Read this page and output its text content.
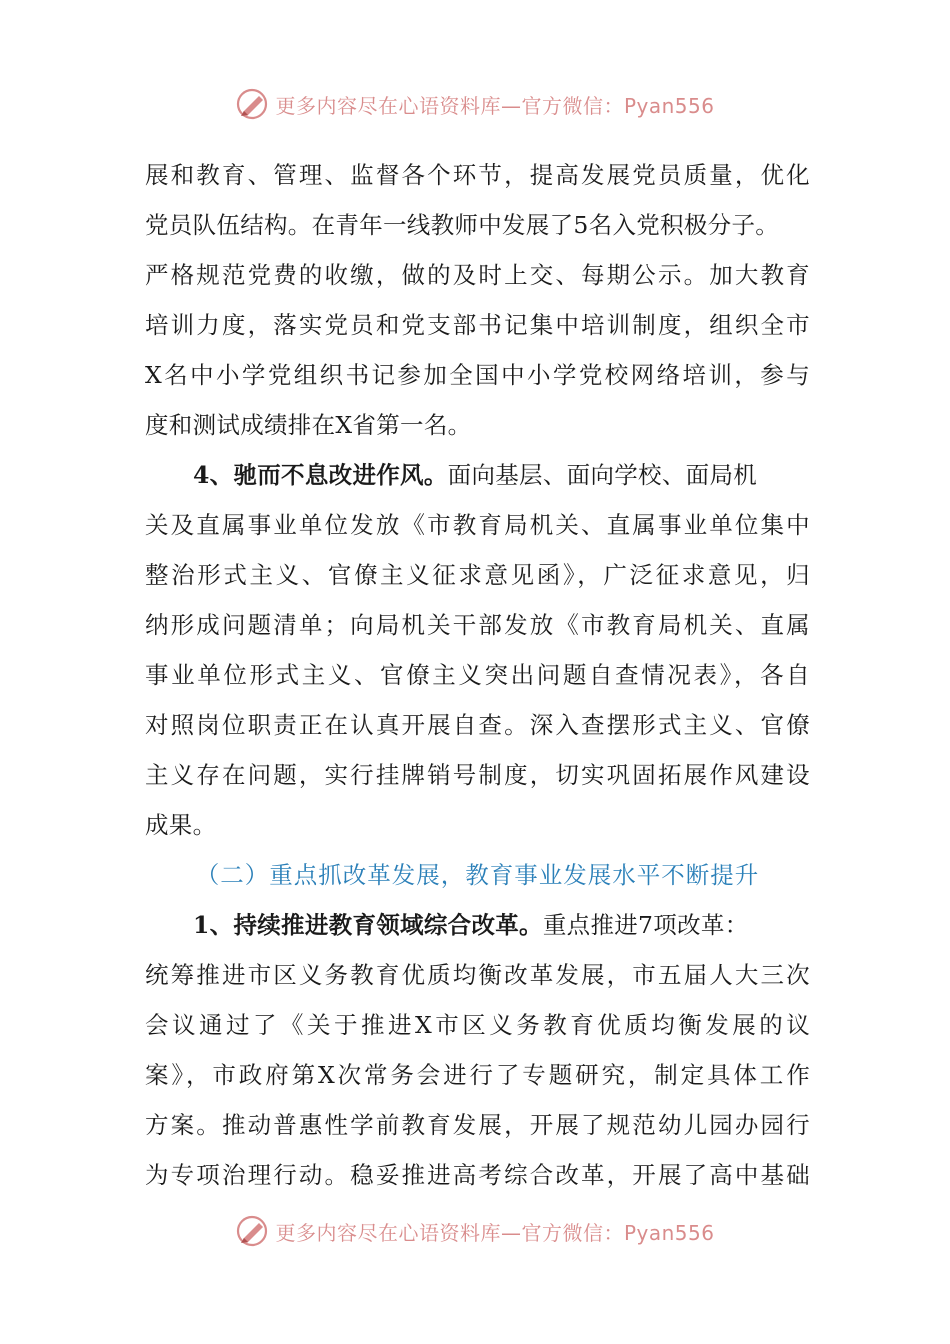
更多内容尽在心语资料库—官方微信：Pyan556
展和教育、管理、监督各个环节，提高发展党员质量，优化
党员队伍结构。在青年一线教师中发展了5名入党积极分子。
严格规范党费的收缴，做的及时上交、每期公示。加大教育
培训力度，落实党员和党支部书记集中培训制度，组织全市
X名中小学党组织书记参加全国中小学党校网络培训，参与
度和测试成绩排在X省第一名。
4、驰而不息改进作风。面向基层、面向学校、面局机
关及直属事业单位发放《市教育局机关、直属事业单位集中
整治形式主义、官僚主义征求意见函》，广泛征求意见，归
纳形成问题清单；向局机关干部发放《市教育局机关、直属
事业单位形式主义、官僚主义突出问题自查情况表》，各自
对照岗位职责正在认真开展自查。深入查摆形式主义、官僚
主义存在问题，实行挂牌销号制度，切实巩固拓展作风建设
成果。
（二）重点抓改革发展，教育事业发展水平不断提升
1、持续推进教育领域综合改革。重点推进7项改革：
统筹推进市区义务教育优质均衡改革发展，市五届人大三次
会议通过了《关于推进X市区义务教育优质均衡发展的议
案》，市政府第X次常务会进行了专题研究，制定具体工作
方案。推动普惠性学前教育发展，开展了规范幼儿园办园行
为专项治理行动。稳妥推进高考综合改革，开展了高中基础
更多内容尽在心语资料库—官方微信：Pyan556
